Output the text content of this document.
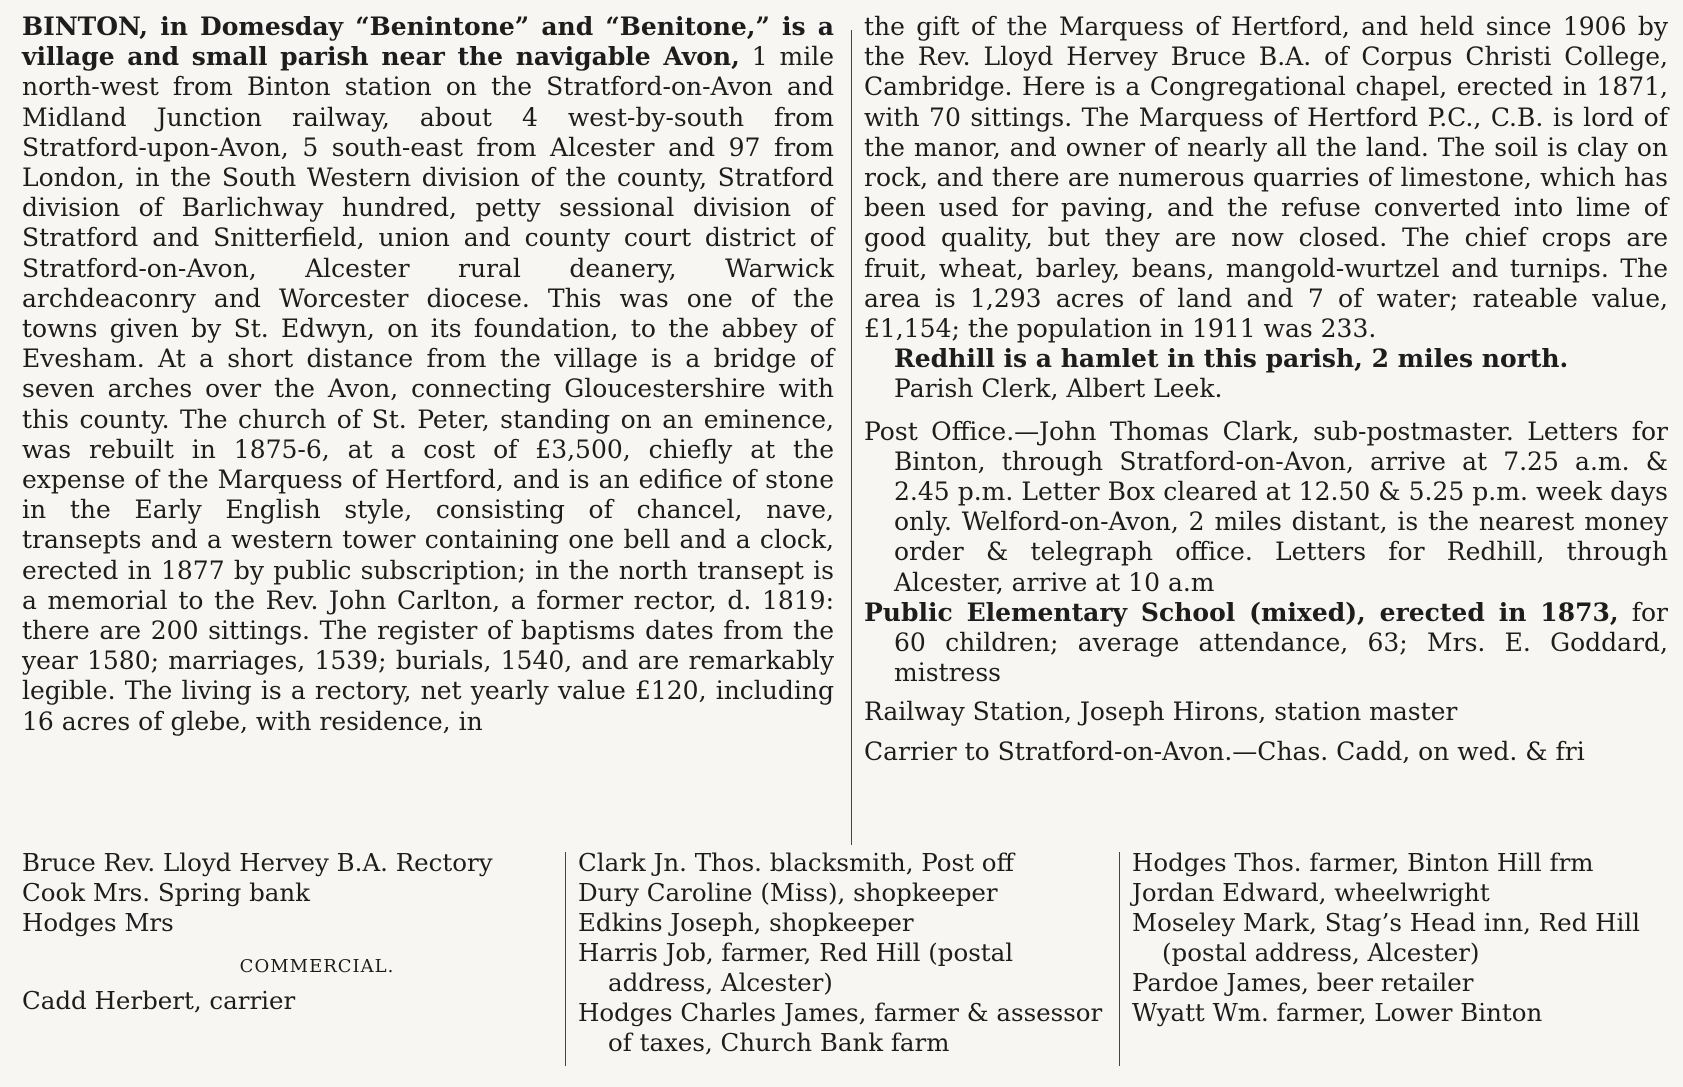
BINTON, in Domesday “Benintone” and “Benitone,” is a village and small parish near the navigable Avon, 1 mile north-west from Binton station on the Stratford-on-Avon and Midland Junction railway, about 4 west-by-south from Stratford-upon-Avon, 5 south-east from Alcester and 97 from London, in the South Western division of the county, Stratford division of Barlichway hundred, petty sessional division of Stratford and Snitterfield, union and county court district of Stratford-on-Avon, Alcester rural deanery, Warwick archdeaconry and Worcester diocese. This was one of the towns given by St. Edwyn, on its foundation, to the abbey of Evesham. At a short distance from the village is a bridge of seven arches over the Avon, connecting Gloucestershire with this county. The church of St. Peter, standing on an eminence, was rebuilt in 1875-6, at a cost of £3,500, chiefly at the expense of the Marquess of Hertford, and is an edifice of stone in the Early English style, consisting of chancel, nave, transepts and a western tower containing one bell and a clock, erected in 1877 by public subscription; in the north transept is a memorial to the Rev. John Carlton, a former rector, d. 1819: there are 200 sittings. The register of baptisms dates from the year 1580; marriages, 1539; burials, 1540, and are remarkably legible. The living is a rectory, net yearly value £120, including 16 acres of glebe, with residence, in

the gift of the Marquess of Hertford, and held since 1906 by the Rev. Lloyd Hervey Bruce B.A. of Corpus Christi College, Cambridge. Here is a Congregational chapel, erected in 1871, with 70 sittings. The Marquess of Hertford P.C., C.B. is lord of the manor, and owner of nearly all the land. The soil is clay on rock, and there are numerous quarries of limestone, which has been used for paving, and the refuse converted into lime of good quality, but they are now closed. The chief crops are fruit, wheat, barley, beans, mangold-wurtzel and turnips. The area is 1,293 acres of land and 7 of water; rateable value, £1,154; the population in 1911 was 233.

Redhill is a hamlet in this parish, 2 miles north.

Parish Clerk, Albert Leek.

Post Office.—John Thomas Clark, sub-postmaster. Letters for Binton, through Stratford-on-Avon, arrive at 7.25 a.m. & 2.45 p.m. Letter Box cleared at 12.50 & 5.25 p.m. week days only. Welford-on-Avon, 2 miles distant, is the nearest money order & telegraph office. Letters for Redhill, through Alcester, arrive at 10 a.m

Public Elementary School (mixed), erected in 1873, for 60 children; average attendance, 63; Mrs. E. Goddard, mistress

Railway Station, Joseph Hirons, station master

Carrier to Stratford-on-Avon.—Chas. Cadd, on wed. & fri

Bruce Rev. Lloyd Hervey B.A. Rectory
Cook Mrs. Spring bank
Hodges Mrs
COMMERCIAL.
Cadd Herbert, carrier
Clark Jn. Thos. blacksmith, Post off
Dury Caroline (Miss), shopkeeper
Edkins Joseph, shopkeeper
Harris Job, farmer, Red Hill (postal address, Alcester)
Hodges Charles James, farmer & assessor of taxes, Church Bank farm
Hodges Thos. farmer, Binton Hill frm
Jordan Edward, wheelwright
Moseley Mark, Stag’s Head inn, Red Hill (postal address, Alcester)
Pardoe James, beer retailer
Wyatt Wm. farmer, Lower Binton
